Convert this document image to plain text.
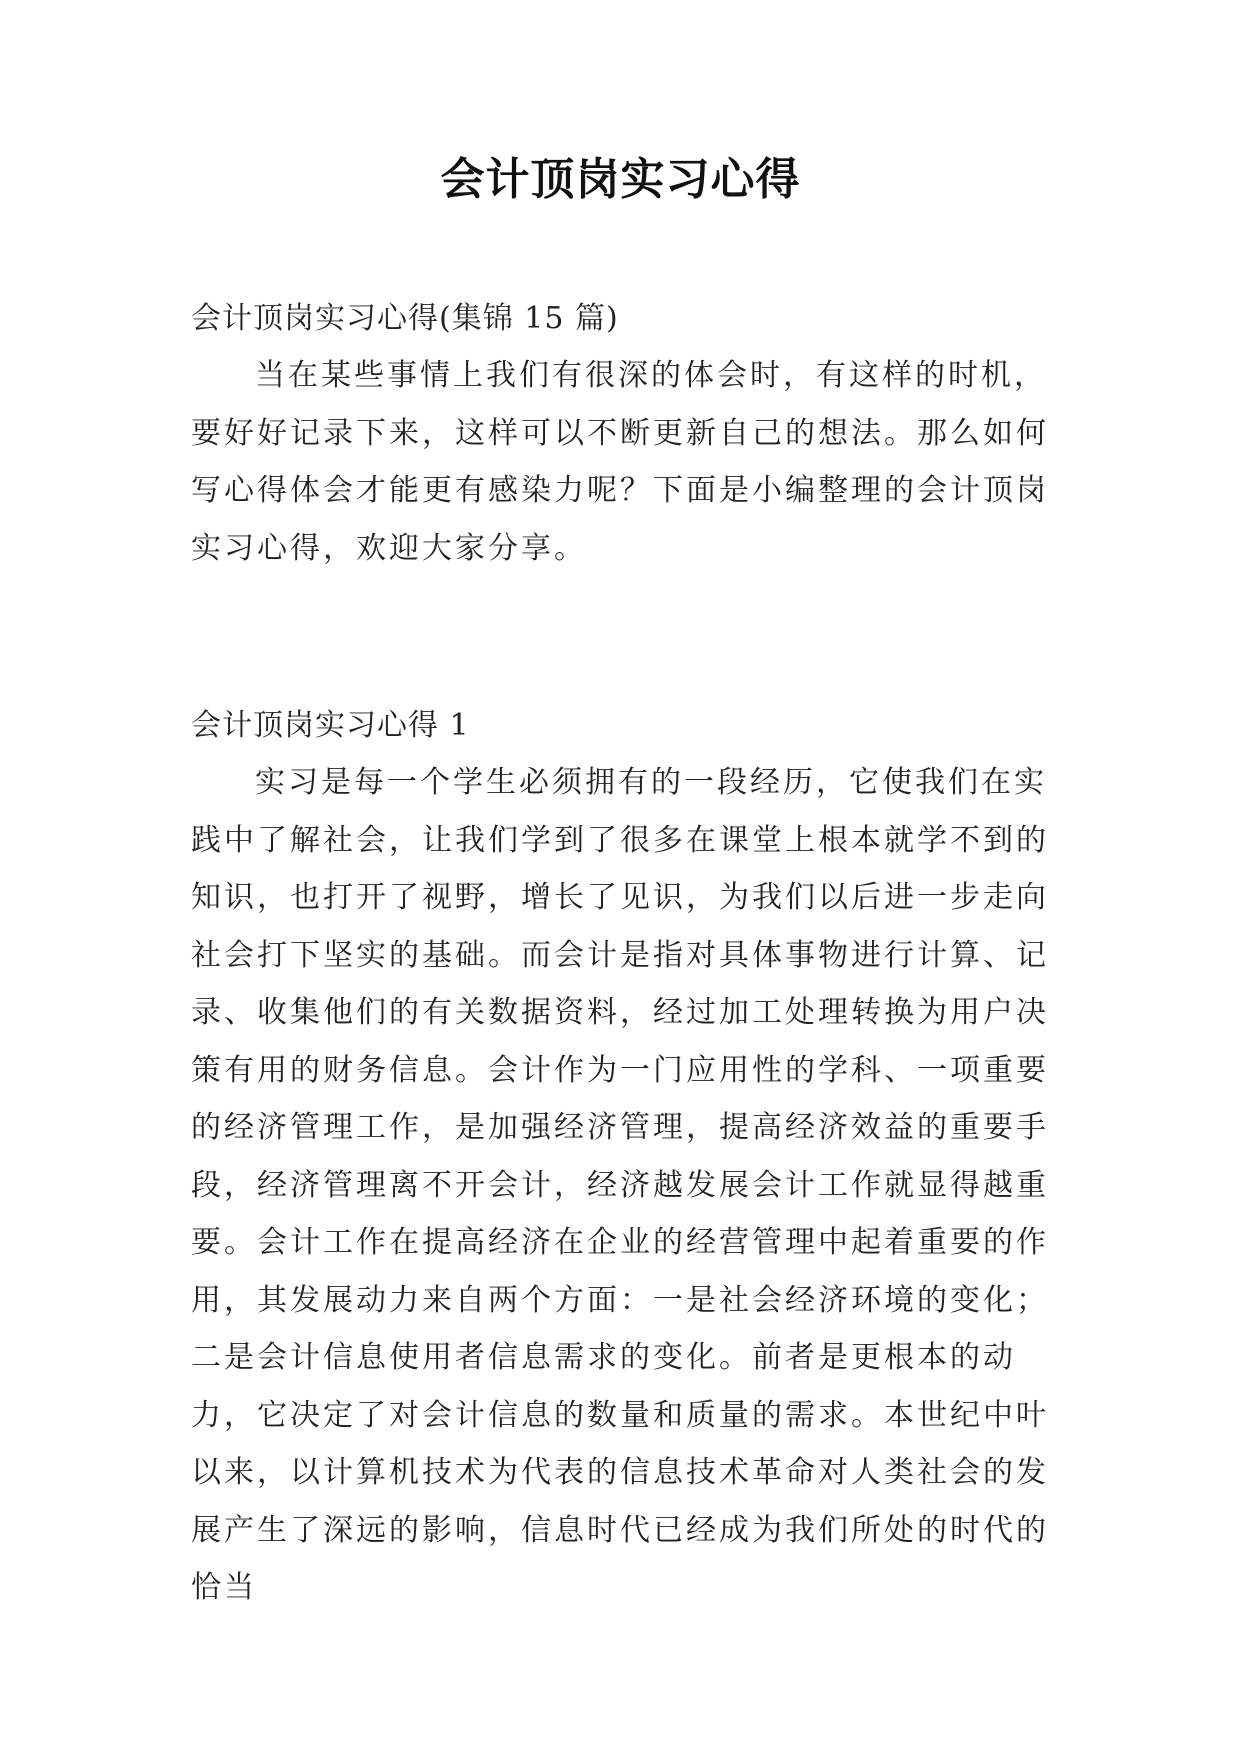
会计顶岗实习心得

会计顶岗实习心得(集锦 15 篇)

当在某些事情上我们有很深的体会时，有这样的时机，要好好记录下来，这样可以不断更新自己的想法。那么如何写心得体会才能更有感染力呢？下面是小编整理的会计顶岗实习心得，欢迎大家分享。

会计顶岗实习心得 1

实习是每一个学生必须拥有的一段经历，它使我们在实践中了解社会，让我们学到了很多在课堂上根本就学不到的知识，也打开了视野，增长了见识，为我们以后进一步走向社会打下坚实的基础。而会计是指对具体事物进行计算、记录、收集他们的有关数据资料，经过加工处理转换为用户决策有用的财务信息。会计作为一门应用性的学科、一项重要的经济管理工作，是加强经济管理，提高经济效益的重要手段，经济管理离不开会计，经济越发展会计工作就显得越重要。会计工作在提高经济在企业的经营管理中起着重要的作用，其发展动力来自两个方面：一是社会经济环境的变化；二是会计信息使用者信息需求的变化。前者是更根本的动力，它决定了对会计信息的数量和质量的需求。本世纪中叶以来，以计算机技术为代表的信息技术革命对人类社会的发展产生了深远的影响，信息时代已经成为我们所处的时代的恰当
